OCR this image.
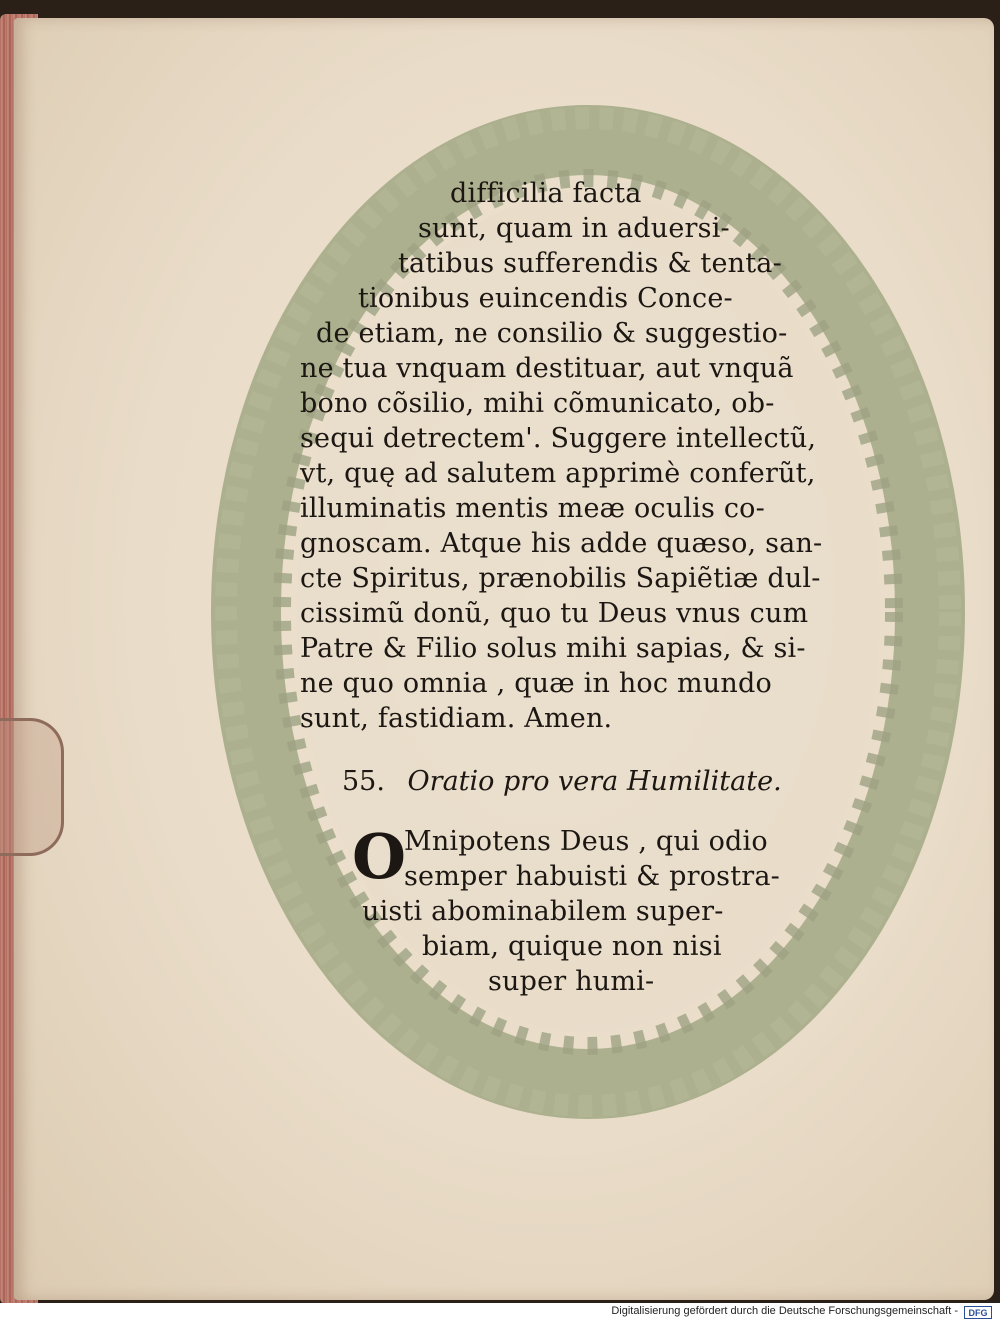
difficilia facta
sunt, quam in aduersi-
tatibus sufferendis & tenta-
tionibus euincendis Conce-
de etiam, ne consilio & suggestio-
ne tua vnquam destituar, aut vnquã
bono cõsilio, mihi cõmunicato, ob-
sequi detrectem'. Suggere intellectũ,
vt, quę ad salutem apprimè conferũt,
illuminatis mentis meæ oculis co-
gnoscam. Atque his adde quæso, san-
cte Spiritus, prænobilis Sapiẽtiæ dul-
cissimũ donũ, quo tu Deus vnus cum
Patre & Filio solus mihi sapias, & si-
ne quo omnia , quæ in hoc mundo
sunt, fastidiam. Amen.
55. Oratio pro vera Humilitate.
O
Mnipotens Deus , qui odio
semper habuisti & prostra-
uisti abominabilem super-
biam, quique non nisi
super humi-
Digitalisierung gefördert durch die Deutsche Forschungsgemeinschaft -	DFG
